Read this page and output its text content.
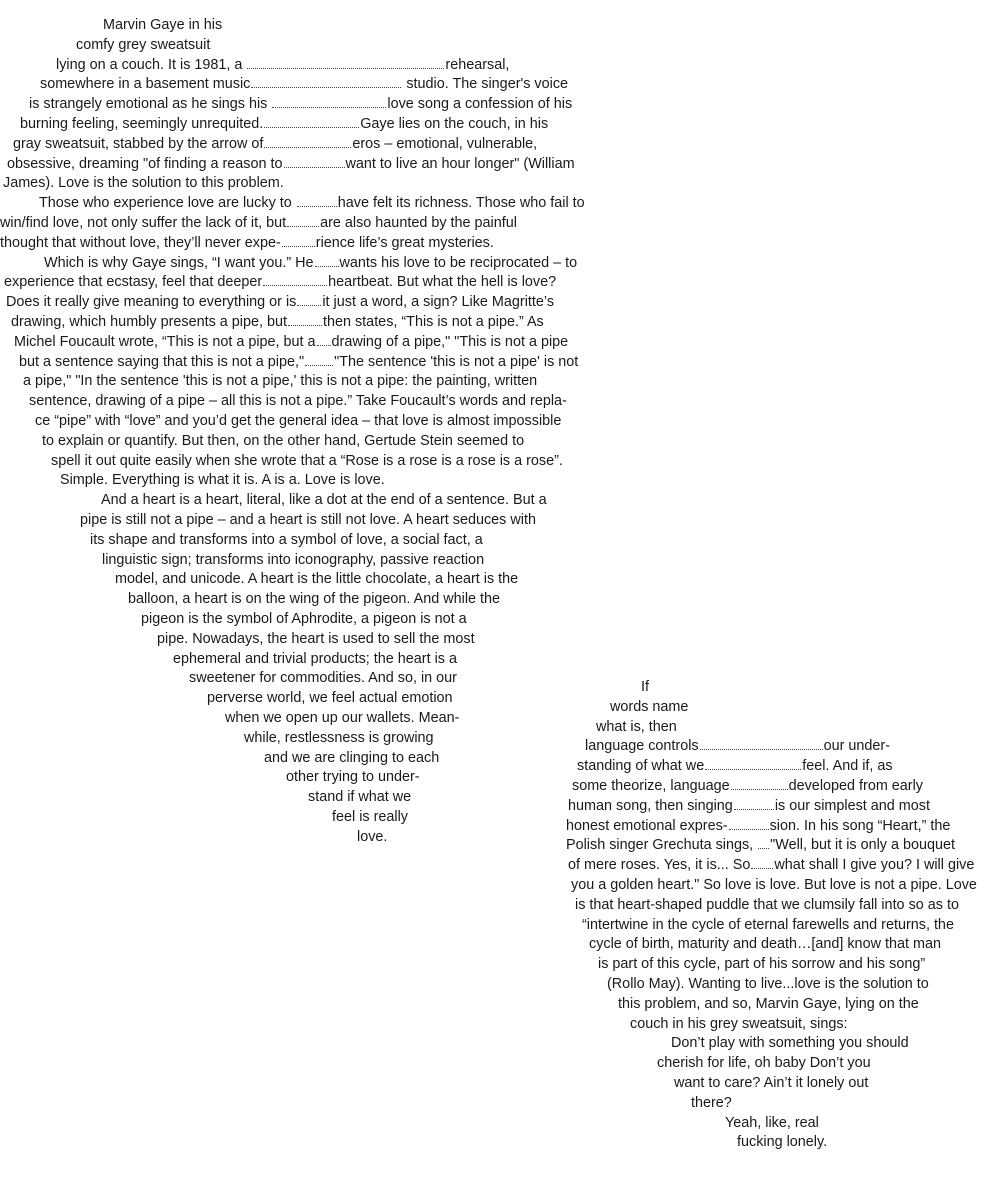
Marvin Gaye in his
comfy grey sweatsuit
lying on a couch. It is 1981, a	rehearsal,
somewhere in a basement music	studio. The singer's voice
is strangely emotional as he sings his	love song a confession of his
burning feeling, seemingly unrequited.	Gaye lies on the couch, in his
gray sweatsuit, stabbed by the arrow of	eros – emotional, vulnerable,
obsessive, dreaming "of finding a reason to	want to live an hour longer" (William
James). Love is the solution to this problem.
Those who experience love are lucky to	have felt its richness. Those who fail to
win/find love, not only suffer the lack of it, but are also haunted by the painful
thought that without love, they’ll never expe- rience life’s great mysteries.
Which is why Gaye sings, “I want you.” He wants his love to be reciprocated – to
experience that ecstasy, feel that deeper	heartbeat. But what the hell is love?
Does it really give meaning to everything or is it just a word, a sign? Like Magritte’s
drawing, which humbly presents a pipe, but	then states, “This is not a pipe.” As
Michel Foucault wrote, “This is not a pipe, but a drawing of a pipe," "This is not a pipe
but a sentence saying that this is not a pipe," "The sentence 'this is not a pipe' is not
a pipe," "In the sentence 'this is not a pipe,' this is not a pipe: the painting, written
sentence, drawing of a pipe – all this is not a pipe.” Take Foucault’s words and repla-
ce “pipe” with “love” and you’d get the general idea – that love is almost impossible
to explain or quantify. But then, on the other hand, Gertude Stein seemed to
spell it out quite easily when she wrote that a “Rose is a rose is a rose is a rose”.
Simple. Everything is what it is. A is a. Love is love.
And a heart is a heart, literal, like a dot at the end of a sentence. But a
pipe is still not a pipe – and a heart is still not love. A heart seduces with
its shape and transforms into a symbol of love, a social fact, a
linguistic sign; transforms into iconography, passive reaction
model, and unicode. A heart is the little chocolate, a heart is the
balloon, a heart is on the wing of the pigeon. And while the
pigeon is the symbol of Aphrodite, a pigeon is not a
pipe. Nowadays, the heart is used to sell the most
ephemeral and trivial products; the heart is a
sweetener for commodities. And so, in our
perverse world, we feel actual emotion
when we open up our wallets. Mean-
while, restlessness is growing
and we are clinging to each
other trying to under-
stand if what we
feel is really
love.
If
words name
what is, then
language controls	our under-
standing of what we	feel. And if, as
some theorize, language	developed from early
human song, then singing	is our simplest and most
honest emotional expres-	sion. In his song “Heart,” the
Polish singer Grechuta sings, "Well, but it is only a bouquet
of mere roses. Yes, it is... So what shall I give you? I will give
you a golden heart." So love is love. But love is not a pipe. Love
is that heart-shaped puddle that we clumsily fall into so as to
“intertwine in the cycle of eternal farewells and returns, the
cycle of birth, maturity and death…[and] know that man
is part of this cycle, part of his sorrow and his song”
(Rollo May). Wanting to live...love is the solution to
this problem, and so, Marvin Gaye, lying on the
couch in his grey sweatsuit, sings:
Don’t play with something you should
cherish for life, oh baby Don’t you
want to care? Ain’t it lonely out
there?
Yeah, like, real
fucking lonely.
